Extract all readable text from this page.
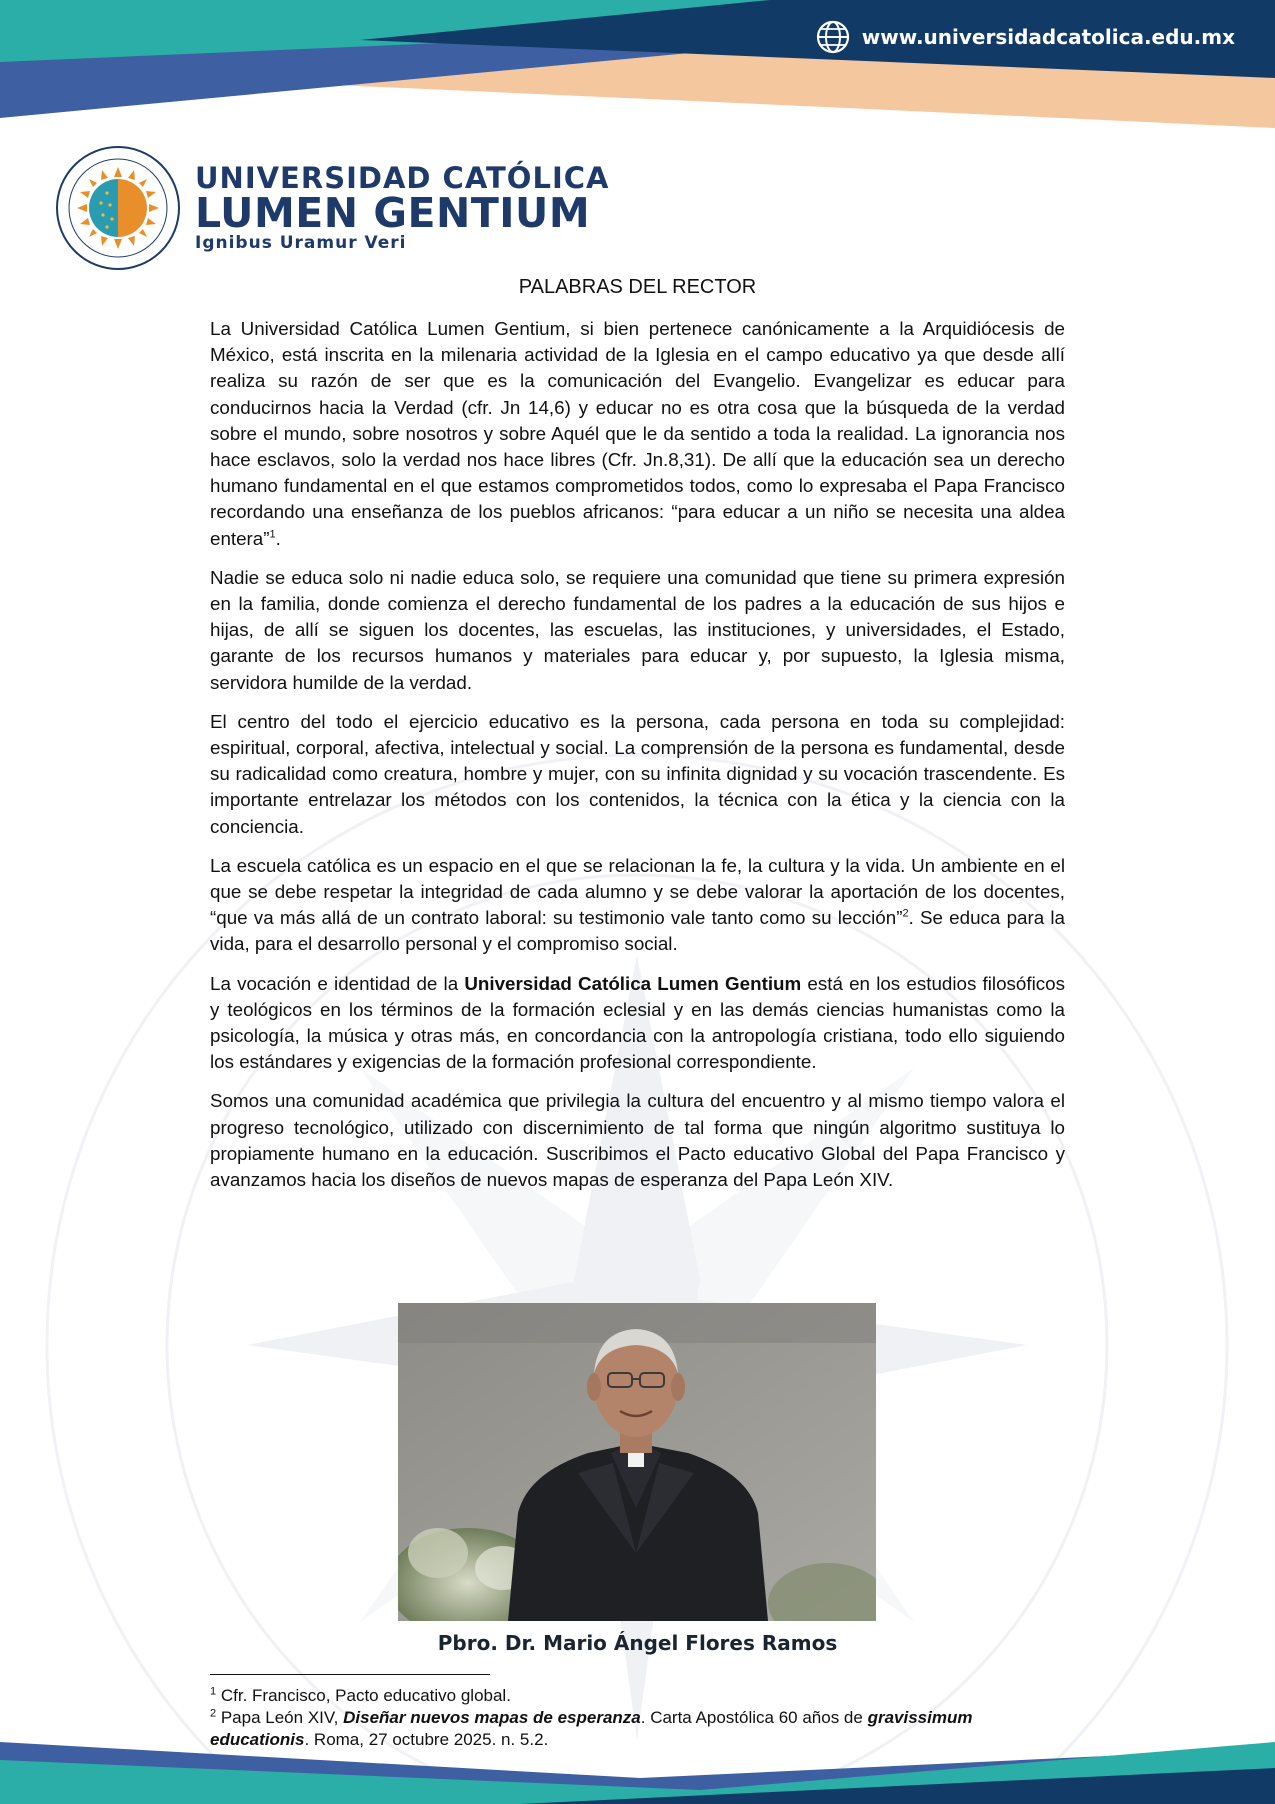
www.universidadcatolica.edu.mx
UNIVERSIDAD CATÓLICA
LUMEN GENTIUM
Ignibus Uramur Veri
PALABRAS DEL RECTOR

La Universidad Católica Lumen Gentium, si bien pertenece canónicamente a la Arquidiócesis de México, está inscrita en la milenaria actividad de la Iglesia en el campo educativo ya que desde allí realiza su razón de ser que es la comunicación del Evangelio. Evangelizar es educar para conducirnos hacia la Verdad (cfr. Jn 14,6) y educar no es otra cosa que la búsqueda de la verdad sobre el mundo, sobre nosotros y sobre Aquél que le da sentido a toda la realidad. La ignorancia nos hace esclavos, solo la verdad nos hace libres (Cfr. Jn.8,31). De allí que la educación sea un derecho humano fundamental en el que estamos comprometidos todos, como lo expresaba el Papa Francisco recordando una enseñanza de los pueblos africanos: “para educar a un niño se necesita una aldea entera”$^1$.

Nadie se educa solo ni nadie educa solo, se requiere una comunidad que tiene su primera expresión en la familia, donde comienza el derecho fundamental de los padres a la educación de sus hijos e hijas, de allí se siguen los docentes, las escuelas, las instituciones, y universidades, el Estado, garante de los recursos humanos y materiales para educar y, por supuesto, la Iglesia misma, servidora humilde de la verdad.

El centro del todo el ejercicio educativo es la persona, cada persona en toda su complejidad: espiritual, corporal, afectiva, intelectual y social. La comprensión de la persona es fundamental, desde su radicalidad como creatura, hombre y mujer, con su infinita dignidad y su vocación trascendente. Es importante entrelazar los métodos con los contenidos, la técnica con la ética y la ciencia con la conciencia.

La escuela católica es un espacio en el que se relacionan la fe, la cultura y la vida. Un ambiente en el que se debe respetar la integridad de cada alumno y se debe valorar la aportación de los docentes, “que va más allá de un contrato laboral: su testimonio vale tanto como su lección”$^2$. Se educa para la vida, para el desarrollo personal y el compromiso social.

La vocación e identidad de la Universidad Católica Lumen Gentium está en los estudios filosóficos y teológicos en los términos de la formación eclesial y en las demás ciencias humanistas como la psicología, la música y otras más, en concordancia con la antropología cristiana, todo ello siguiendo los estándares y exigencias de la formación profesional correspondiente.

Somos una comunidad académica que privilegia la cultura del encuentro y al mismo tiempo valora el progreso tecnológico, utilizado con discernimiento de tal forma que ningún algoritmo sustituya lo propiamente humano en la educación. Suscribimos el Pacto educativo Global del Papa Francisco y avanzamos hacia los diseños de nuevos mapas de esperanza del Papa León XIV.

Pbro. Dr. Mario Ángel Flores Ramos
$^1$ Cfr. Francisco, Pacto educativo global.
$^2$ Papa León XIV, Diseñar nuevos mapas de esperanza. Carta Apostólica 60 años de gravissimum educationis. Roma, 27 octubre 2025. n. 5.2.
